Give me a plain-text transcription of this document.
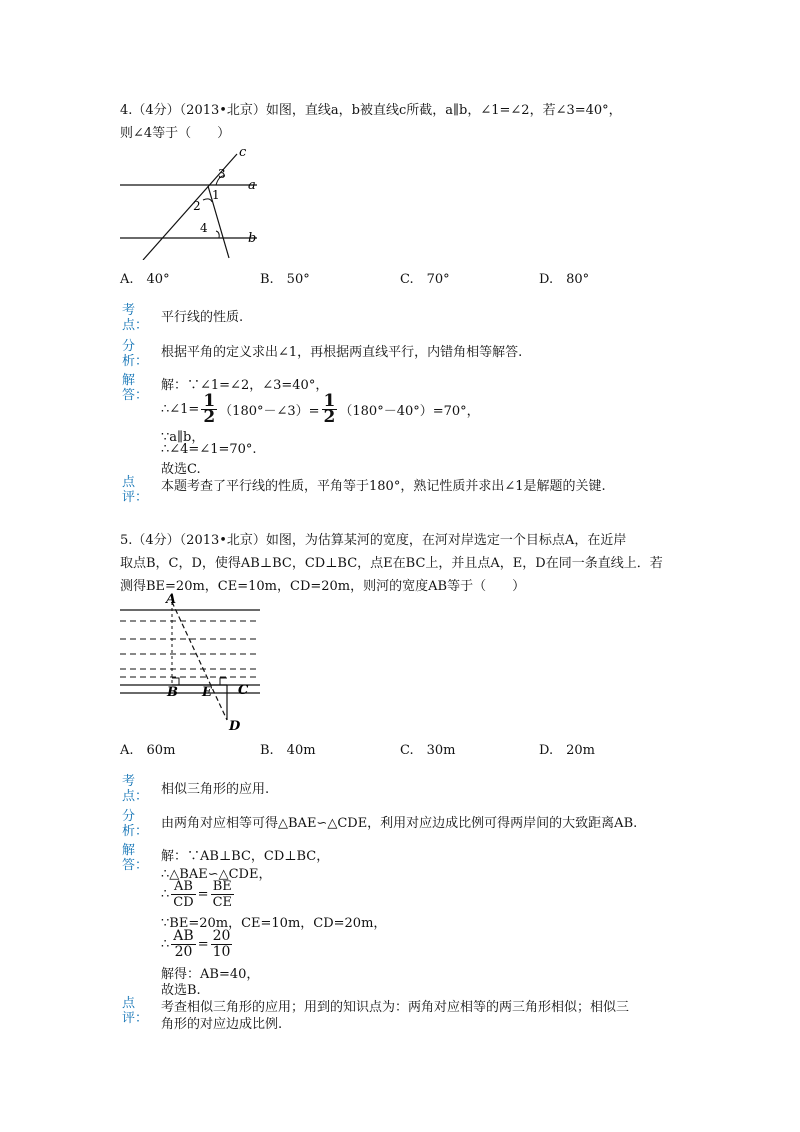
4.（4分）（2013•北京）如图，直线a，b被直线c所截，a∥b，∠1=∠2，若∠3=40°，
则∠4等于（　　）
c
a
b
3
1
2
4
A.　40°	B.　50°	C.　70°	D.　80°
考
点：
平行线的性质.
分
析：
根据平角的定义求出∠1，再根据两直线平行，内错角相等解答.
解
答：
解：∵∠1=∠2，∠3=40°，
∴∠1= $\frac{1}{2}$ （180°－∠3）= $\frac{1}{2} (180^\circ-40^\circ)=70^\circ$，
∵a∥b，
∴∠4=∠1=70°.
故选C.
点
评：
本题考查了平行线的性质，平角等于180°，熟记性质并求出∠1是解题的关键.
5.（4分）（2013•北京）如图，为估算某河的宽度，在河对岸选定一个目标点A，在近岸
取点B，C，D，使得AB⊥BC，CD⊥BC，点E在BC上，并且点A，E，D在同一条直线上．若
测得BE=20m，CE=10m，CD=20m，则河的宽度AB等于（　　）
A
B E C
D
A.　60m	B.　40m	C.　30m	D.　20m
考
点： 相似三角形的应用.
分
析：
由两角对应相等可得△BAE∽△CDE，利用对应边成比例可得两岸间的大致距离AB.
解
答：
解：∵AB⊥BC，CD⊥BC，
∴△BAE∽△CDE，
∴ $\frac{AB}{CD} = \frac{BE}{CE}$
∵BE=20m，CE=10m，CD=20m，
∴ $\frac{AB}{20} = \frac{20}{10}$
解得：AB=40，
故选B.
点
评：
考查相似三角形的应用；用到的知识点为：两角对应相等的两三角形相似；相似三
角形的对应边成比例.
